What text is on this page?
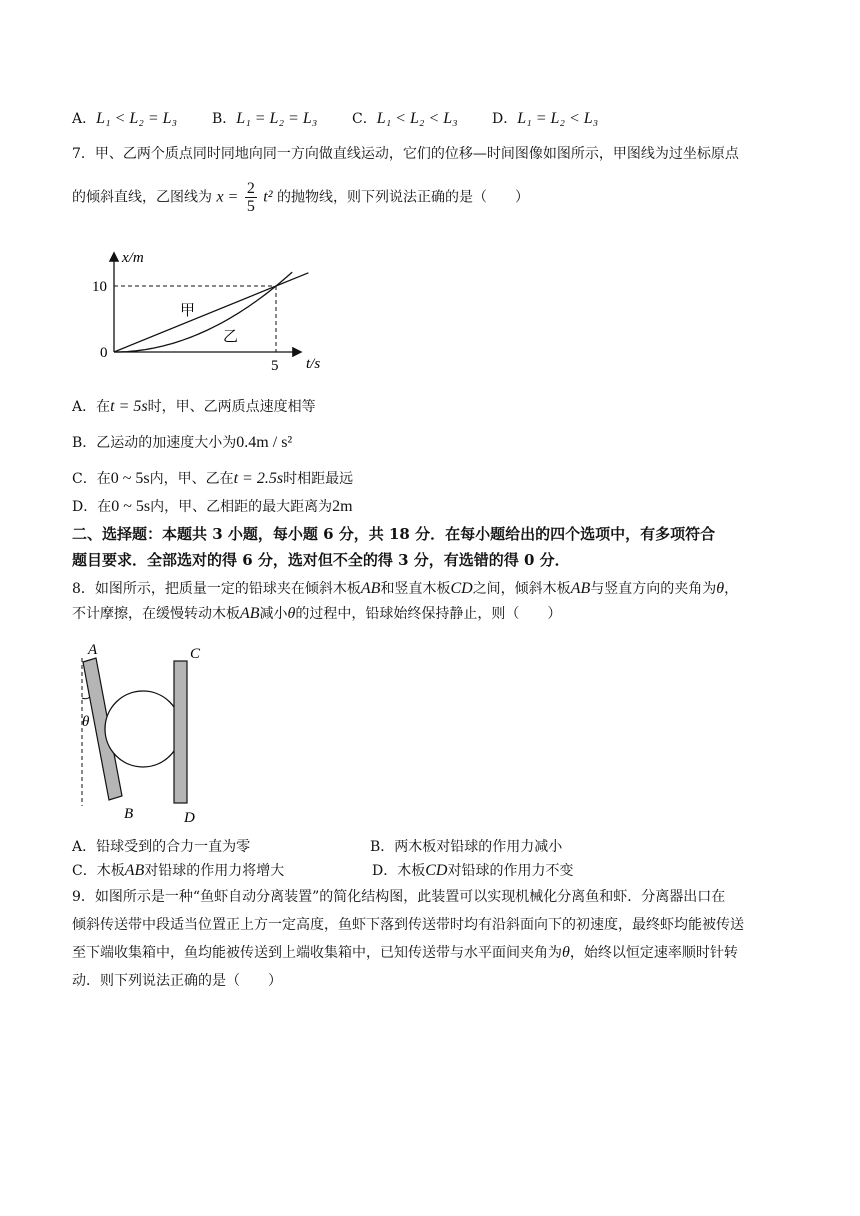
A．L₁ < L₂ = L₃ B．L₁ = L₂ = L₃ C．L₁ < L₂ < L₃ D．L₁ = L₂ < L₃
7．甲、乙两个质点同时同地向同一方向做直线运动，它们的位移—时间图像如图所示，甲图线为过坐标原点
的倾斜直线，乙图线为 $x = \frac{2}{5} t^2$ 的抛物线，则下列说法正确的是（　　）
x/m
t/s
10
5
0
甲
乙
A．在t = 5s时，甲、乙两质点速度相等
B．乙运动的加速度大小为0.4m / s²
C．在0 ~ 5s内，甲、乙在t = 2.5s时相距最远
D．在0 ~ 5s内，甲、乙相距的最大距离为2m
二、选择题：本题共 3 小题，每小题 6 分，共 18 分．在每小题给出的四个选项中，有多项符合
题目要求．全部选对的得 6 分，选对但不全的得 3 分，有选错的得 0 分．
8．如图所示，把质量一定的铅球夹在倾斜木板AB和竖直木板CD之间，倾斜木板AB与竖直方向的夹角为θ，
不计摩擦，在缓慢转动木板AB减小θ的过程中，铅球始终保持静止，则（　　）
A
θ
B
C
D
A．铅球受到的合力一直为零	B．两木板对铅球的作用力减小
C．木板AB对铅球的作用力将增大	D．木板CD对铅球的作用力不变
9．如图所示是一种“鱼虾自动分离装置”的简化结构图，此装置可以实现机械化分离鱼和虾．分离器出口在
倾斜传送带中段适当位置正上方一定高度，鱼虾下落到传送带时均有沿斜面向下的初速度，最终虾均能被传送
至下端收集箱中，鱼均能被传送到上端收集箱中，已知传送带与水平面间夹角为θ，始终以恒定速率顺时针转
动．则下列说法正确的是（　　）
